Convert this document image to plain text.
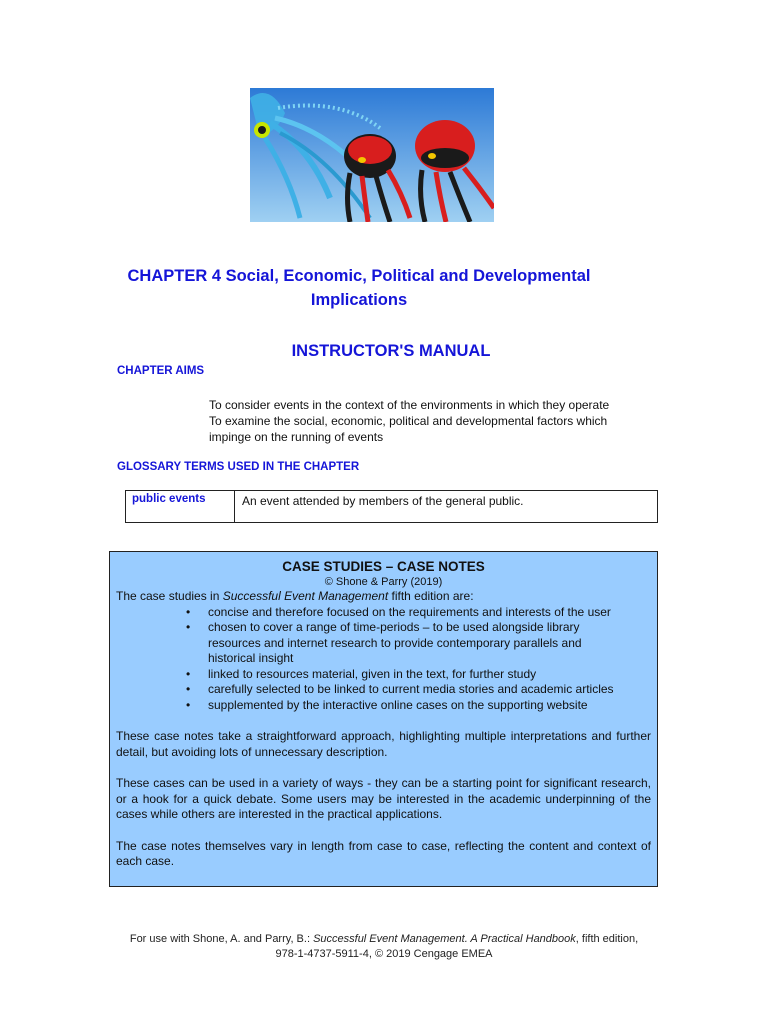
CHAPTER 4 Social, Economic, Political and Developmental Implications
INSTRUCTOR'S MANUAL
CHAPTER AIMS
To consider events in the context of the environments in which they operate
To examine the social, economic, political and developmental factors which impinge on the running of events
GLOSSARY TERMS USED IN THE CHAPTER
public events	An event attended by members of the general public.
CASE STUDIES – CASE NOTES
© Shone & Parry (2019)
The case studies in Successful Event Management fifth edition are:
• concise and therefore focused on the requirements and interests of the user
• chosen to cover a range of time-periods – to be used alongside library resources and internet research to provide contemporary parallels and historical insight
• linked to resources material, given in the text, for further study
• carefully selected to be linked to current media stories and academic articles
• supplemented by the interactive online cases on the supporting website
These case notes take a straightforward approach, highlighting multiple interpretations and further detail, but avoiding lots of unnecessary description.
These cases can be used in a variety of ways - they can be a starting point for significant research, or a hook for a quick debate. Some users may be interested in the academic underpinning of the cases while others are interested in the practical applications.
The case notes themselves vary in length from case to case, reflecting the content and context of each case.
For use with Shone, A. and Parry, B.: Successful Event Management. A Practical Handbook, fifth edition,
978-1-4737-5911-4, © 2019 Cengage EMEA
